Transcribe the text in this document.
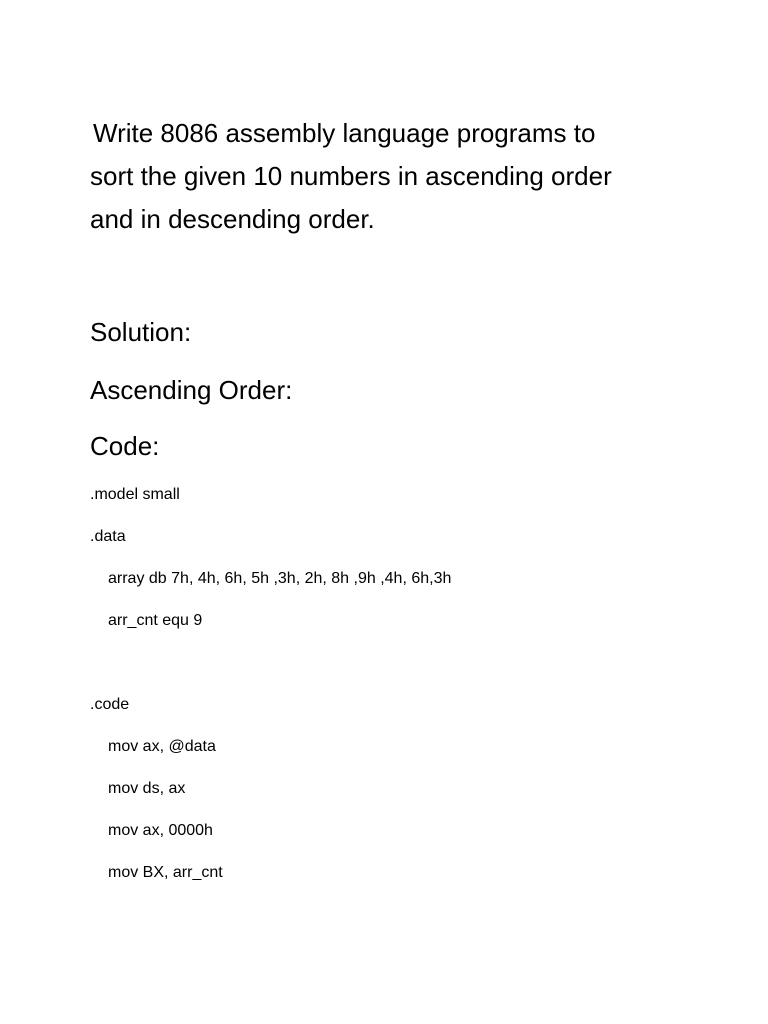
Write 8086 assembly language programs to
sort the given 10 numbers in ascending order
and in descending order.
Solution:
Ascending Order:
Code:
.model small
.data
array db 7h, 4h, 6h, 5h ,3h, 2h, 8h ,9h ,4h, 6h,3h
arr_cnt equ 9
.code
mov ax, @data
mov ds, ax
mov ax, 0000h
mov BX, arr_cnt
